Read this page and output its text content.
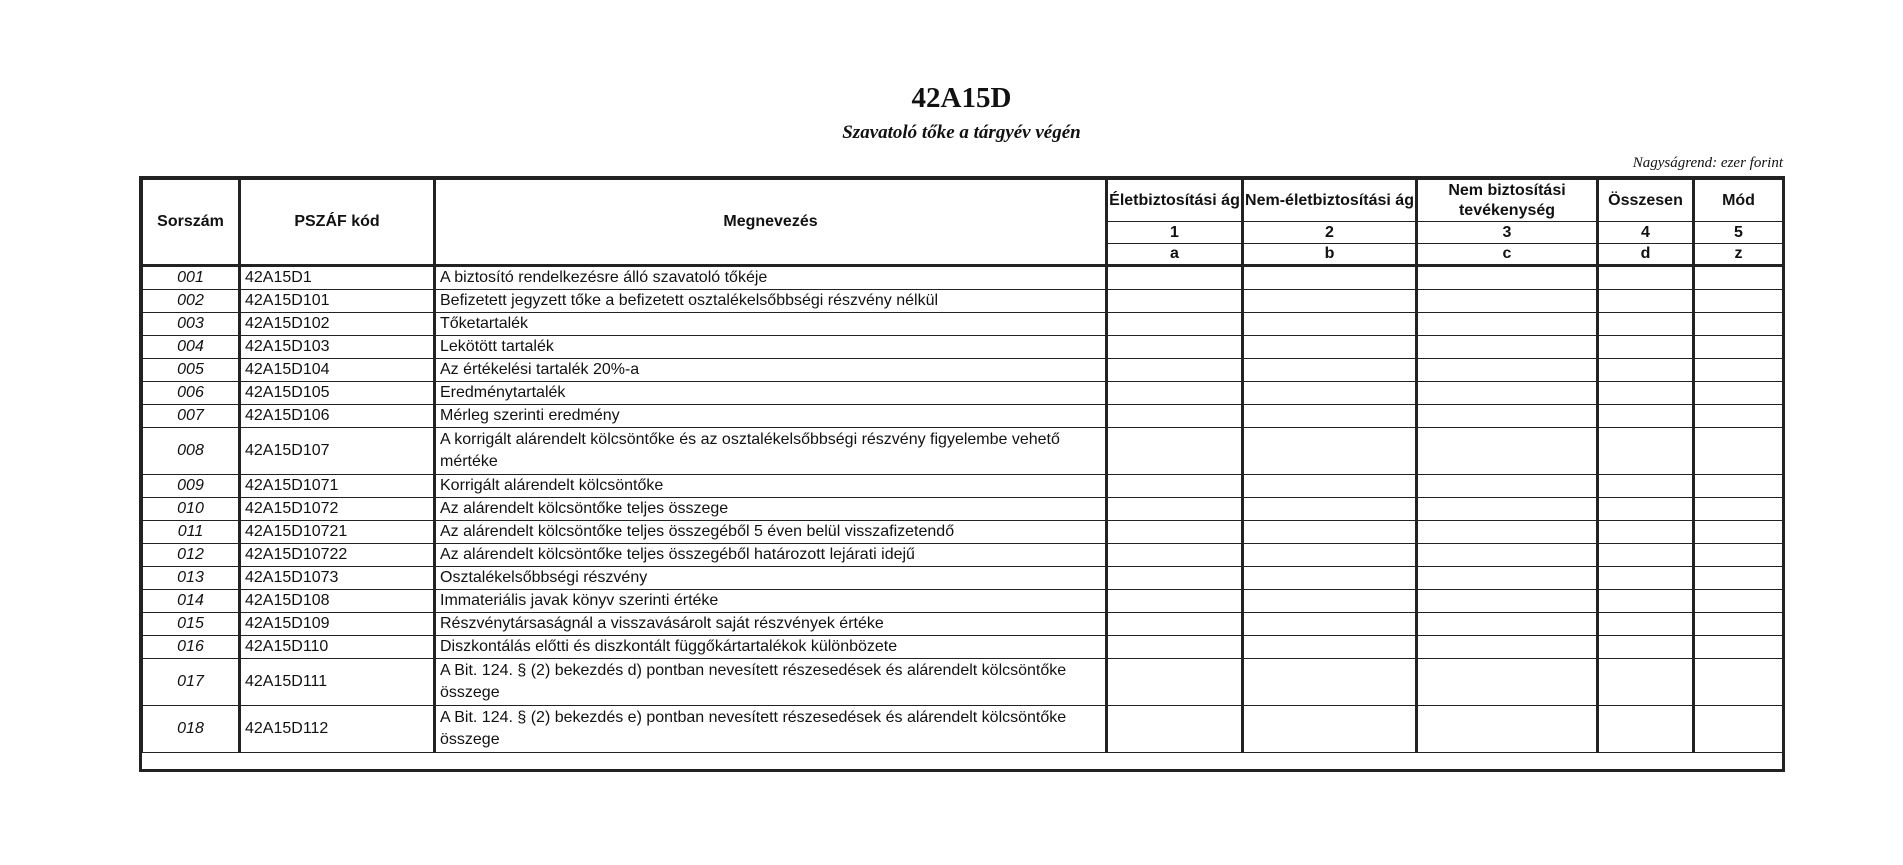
42A15D
Szavatoló tőke a tárgyév végén
Nagyságrend: ezer forint
Sorszám	PSZÁF kód	Megnevezés	Életbiztosítási ág	Nem-életbiztosítási ág	Nem biztosítási tevékenység	Összesen	Mód
			1	2	3	4	5
			a	b	c	d	z
001	42A15D1	A biztosító rendelkezésre álló szavatoló tőkéje					
002	42A15D101	Befizetett jegyzett tőke a befizetett osztalékelsőbbségi részvény nélkül					
003	42A15D102	Tőketartalék					
004	42A15D103	Lekötött tartalék					
005	42A15D104	Az értékelési tartalék 20%-a					
006	42A15D105	Eredménytartalék					
007	42A15D106	Mérleg szerinti eredmény					
008	42A15D107	A korrigált alárendelt kölcsöntőke és az osztalékelsőbbségi részvény figyelembe vehető mértéke					
009	42A15D1071	Korrigált alárendelt kölcsöntőke					
010	42A15D1072	Az alárendelt kölcsöntőke teljes összege					
011	42A15D10721	Az alárendelt kölcsöntőke teljes összegéből 5 éven belül visszafizetendő					
012	42A15D10722	Az alárendelt kölcsöntőke teljes összegéből határozott lejárati idejű					
013	42A15D1073	Osztalékelsőbbségi részvény					
014	42A15D108	Immateriális javak könyv szerinti értéke					
015	42A15D109	Részvénytársaságnál a visszavásárolt saját részvények értéke					
016	42A15D110	Diszkontálás előtti és diszkontált függőkártartalékok különbözete					
017	42A15D111	A Bit. 124. § (2) bekezdés d) pontban nevesített részesedések és alárendelt kölcsöntőke összege					
018	42A15D112	A Bit. 124. § (2) bekezdés e) pontban nevesített részesedések és alárendelt kölcsöntőke összege					
